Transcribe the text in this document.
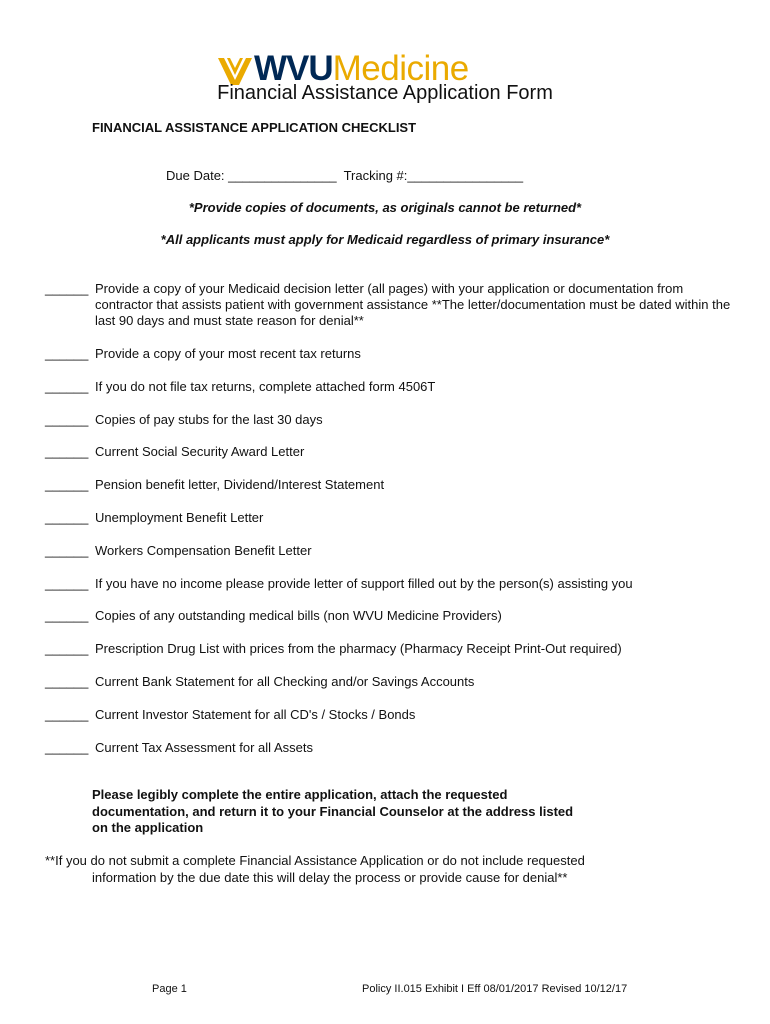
WVU Medicine
Financial Assistance Application Form
FINANCIAL ASSISTANCE APPLICATION CHECKLIST
Due Date: _______________  Tracking #:________________
*Provide copies of documents, as originals cannot be returned*
*All applicants must apply for Medicaid regardless of primary insurance*
______ Provide a copy of your Medicaid decision letter (all pages) with your application or documentation from contractor that assists patient with government assistance **The letter/documentation must be dated within the last 90 days and must state reason for denial**
______ Provide a copy of your most recent tax returns
______ If you do not file tax returns, complete attached form 4506T
______ Copies of pay stubs for the last 30 days
______ Current Social Security Award Letter
______ Pension benefit letter, Dividend/Interest Statement
______ Unemployment Benefit Letter
______ Workers Compensation Benefit Letter
______ If you have no income please provide letter of support filled out by the person(s) assisting you
______ Copies of any outstanding medical bills (non WVU Medicine Providers)
______ Prescription Drug List with prices from the pharmacy (Pharmacy Receipt Print-Out required)
______ Current Bank Statement for all Checking and/or Savings Accounts
______ Current Investor Statement for all CD's / Stocks / Bonds
______ Current Tax Assessment for all Assets
Please legibly complete the entire application, attach the requested documentation, and return it to your Financial Counselor at the address listed on the application
**If you do not submit a complete Financial Assistance Application or do not include requested
information by the due date this will delay the process or provide cause for denial**
Page 1	Policy II.015 Exhibit I Eff 08/01/2017 Revised 10/12/17
